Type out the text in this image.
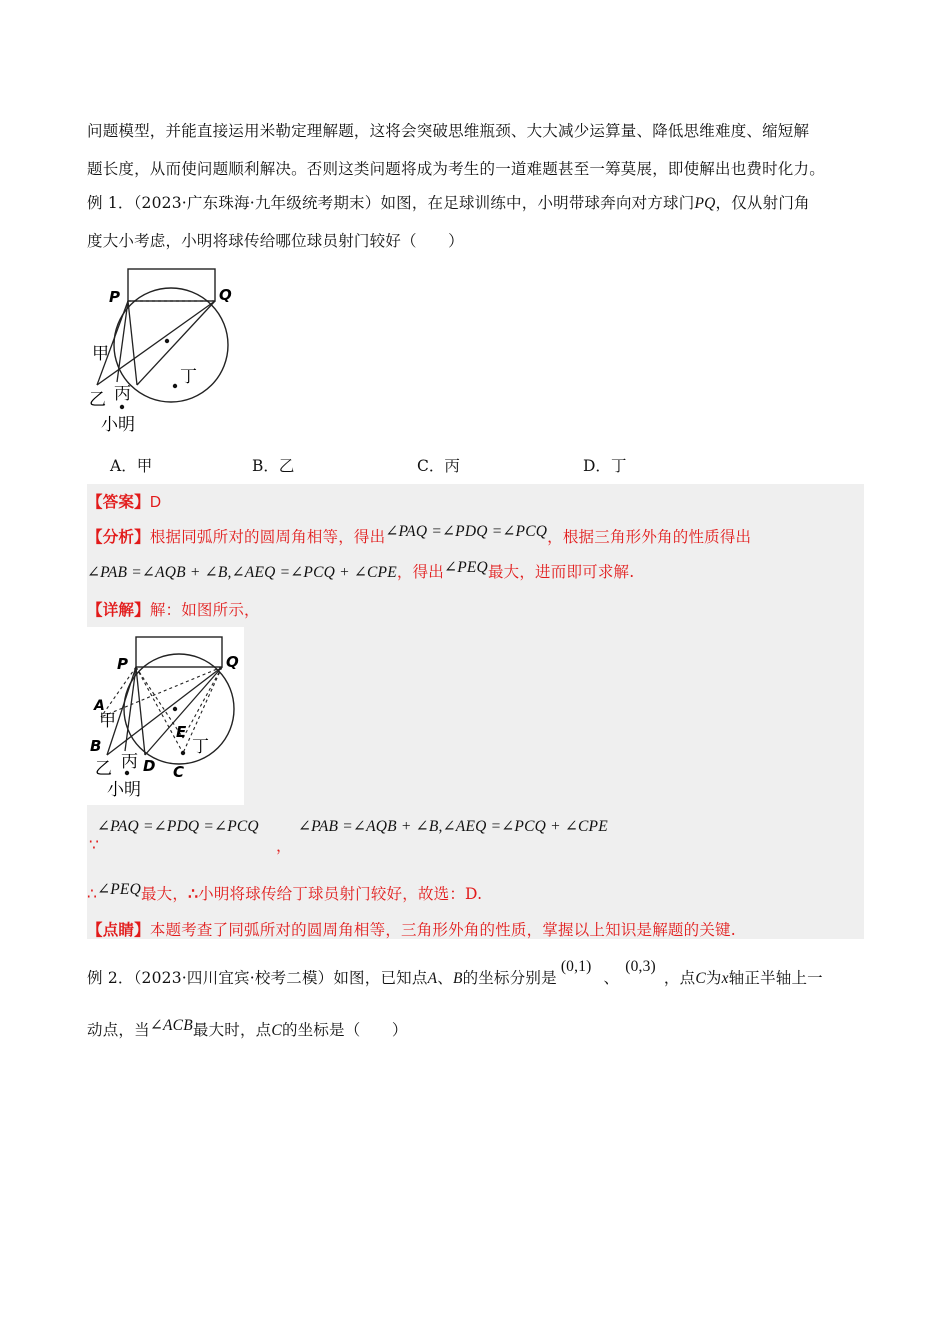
问题模型，并能直接运用米勒定理解题，这将会突破思维瓶颈、大大减少运算量、降低思维难度、缩短解
题长度，从而使问题顺利解决。否则这类问题将成为考生的一道难题甚至一筹莫展，即使解出也费时化力。
例 1．（2023·广东珠海·九年级统考期末）如图，在足球训练中，小明带球奔向对方球门PQ，仅从射门角
度大小考虑，小明将球传给哪位球员射门较好（　　）
P	Q
甲
乙 丙
丁
小明
A．甲	B．乙	C．丙	D．丁
【答案】D
【分析】根据同弧所对的圆周角相等，得出∠PAQ =∠PDQ =∠PCQ，根据三角形外角的性质得出
∠PAB =∠AQB + ∠B,∠AEQ =∠PCQ + ∠CPE，得出∠PEQ最大，进而即可求解.
【详解】解：如图所示，
P	Q
A
甲
B
乙 丙 D C
E
丁
小明
∠PAQ =∠PDQ =∠PCQ	∠PAB =∠AQB + ∠B,∠AEQ =∠PCQ + ∠CPE
∵	，
∴∠PEQ最大，∴小明将球传给丁球员射门较好，故选：D.
【点睛】本题考查了同弧所对的圆周角相等，三角形外角的性质，掌握以上知识是解题的关键.
例 2．（2023·四川宜宾·校考二模）如图，已知点A、B的坐标分别是(0,1)、(0,3)，点C为x轴正半轴上一
动点，当∠ACB最大时，点C的坐标是（　　）
